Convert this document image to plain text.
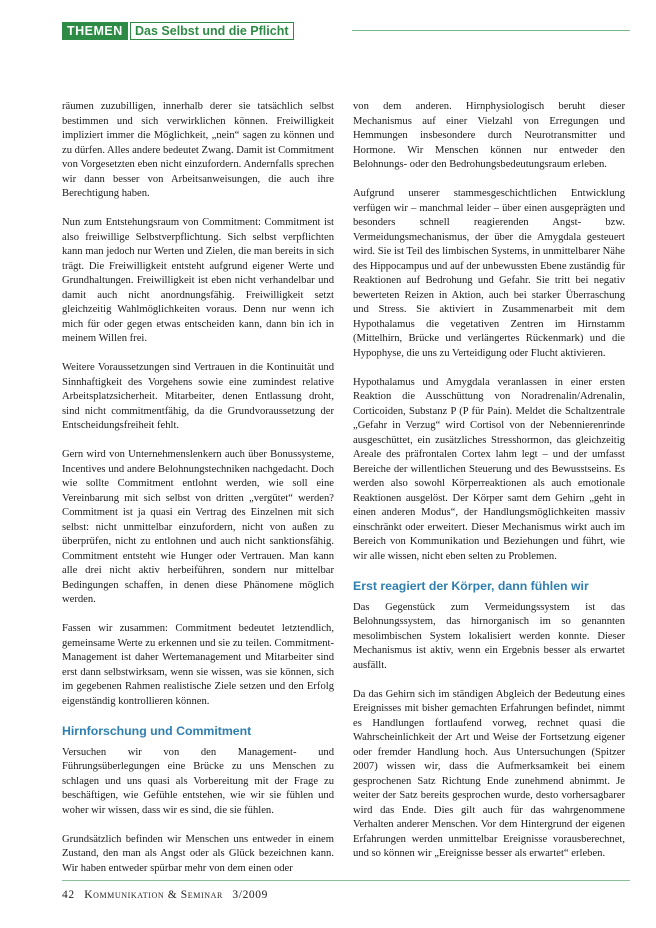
THEMEN Das Selbst und die Pflicht

räumen zuzubilligen, innerhalb derer sie tatsächlich selbst bestimmen und sich verwirklichen können. Freiwilligkeit impliziert immer die Möglichkeit, „nein“ sagen zu können und zu dürfen. Alles andere bedeutet Zwang. Damit ist Commitment von Vorgesetzten eben nicht einzufordern. Andernfalls sprechen wir dann besser von Arbeitsanweisungen, die auch ihre Berechtigung haben.

Nun zum Entstehungsraum von Commitment: Commitment ist also freiwillige Selbstverpflichtung. Sich selbst verpflichten kann man jedoch nur Werten und Zielen, die man bereits in sich trägt. Die Freiwilligkeit entsteht aufgrund eigener Werte und Grundhaltungen. Freiwilligkeit ist eben nicht verhandelbar und damit auch nicht anordnungsfähig. Freiwilligkeit setzt gleichzeitig Wahlmöglichkeiten voraus. Denn nur wenn ich mich für oder gegen etwas entscheiden kann, dann bin ich in meinem Willen frei.

Weitere Voraussetzungen sind Vertrauen in die Kontinuität und Sinnhaftigkeit des Vorgehens sowie eine zumindest relative Arbeitsplatzsicherheit. Mitarbeiter, denen Entlassung droht, sind nicht commitmentfähig, da die Grundvoraussetzung der Entscheidungsfreiheit fehlt.

Gern wird von Unternehmenslenkern auch über Bonussysteme, Incentives und andere Belohnungstechniken nachgedacht. Doch wie sollte Commitment entlohnt werden, wie soll eine Vereinbarung mit sich selbst von dritten „vergütet“ werden? Commitment ist ja quasi ein Vertrag des Einzelnen mit sich selbst: nicht unmittelbar einzufordern, nicht von außen zu überprüfen, nicht zu entlohnen und auch nicht sanktionsfähig. Commitment entsteht wie Hunger oder Vertrauen. Man kann alle drei nicht aktiv herbeiführen, sondern nur mittelbar Bedingungen schaffen, in denen diese Phänomene möglich werden.

Fassen wir zusammen: Commitment bedeutet letztendlich, gemeinsame Werte zu erkennen und sie zu teilen. Commitment-Management ist daher Wertemanagement und Mitarbeiter sind erst dann selbstwirksam, wenn sie wissen, was sie können, sich im gegebenen Rahmen realistische Ziele setzen und den Erfolg eigenständig kontrollieren können.

Hirnforschung und Commitment

Versuchen wir von den Management- und Führungsüberlegungen eine Brücke zu uns Menschen zu schlagen und uns quasi als Vorbereitung mit der Frage zu beschäftigen, wie Gefühle entstehen, wie wir sie fühlen und woher wir wissen, dass wir es sind, die sie fühlen.

Grundsätzlich befinden wir Menschen uns entweder in einem Zustand, den man als Angst oder als Glück bezeichnen kann. Wir haben entweder spürbar mehr von dem einen oder

von dem anderen. Hirnphysiologisch beruht dieser Mechanismus auf einer Vielzahl von Erregungen und Hemmungen insbesondere durch Neurotransmitter und Hormone. Wir Menschen können nur entweder den Belohnungs- oder den Bedrohungsbedeutungsraum erleben.

Aufgrund unserer stammesgeschichtlichen Entwicklung verfügen wir – manchmal leider – über einen ausgeprägten und besonders schnell reagierenden Angst- bzw. Vermeidungsmechanismus, der über die Amygdala gesteuert wird. Sie ist Teil des limbischen Systems, in unmittelbarer Nähe des Hippocampus und auf der unbewussten Ebene zuständig für Reaktionen auf Bedrohung und Gefahr. Sie tritt bei negativ bewerteten Reizen in Aktion, auch bei starker Überraschung und Stress. Sie aktiviert in Zusammenarbeit mit dem Hypothalamus die vegetativen Zentren im Hirnstamm (Mittelhirn, Brücke und verlängertes Rückenmark) und die Hypophyse, die uns zu Verteidigung oder Flucht aktivieren.

Hypothalamus und Amygdala veranlassen in einer ersten Reaktion die Ausschüttung von Noradrenalin/Adrenalin, Corticoiden, Substanz P (P für Pain). Meldet die Schaltzentrale „Gefahr in Verzug“ wird Cortisol von der Nebennierenrinde ausgeschüttet, ein zusätzliches Stresshormon, das gleichzeitig Areale des präfrontalen Cortex lahm legt – und der umfasst Bereiche der willentlichen Steuerung und des Bewusstseins. Es werden also sowohl Körperreaktionen als auch emotionale Reaktionen ausgelöst. Der Körper samt dem Gehirn „geht in einen anderen Modus“, der Handlungsmöglichkeiten massiv einschränkt oder erweitert. Dieser Mechanismus wirkt auch im Bereich von Kommunikation und Beziehungen und führt, wie wir alle wissen, nicht eben selten zu Problemen.

Erst reagiert der Körper, dann fühlen wir

Das Gegenstück zum Vermeidungssystem ist das Belohnungssystem, das hirnorganisch im so genannten mesolimbischen System lokalisiert werden konnte. Dieser Mechanismus ist aktiv, wenn ein Ergebnis besser als erwartet ausfällt.

Da das Gehirn sich im ständigen Abgleich der Bedeutung eines Ereignisses mit bisher gemachten Erfahrungen befindet, nimmt es Handlungen fortlaufend vorweg, rechnet quasi die Wahrscheinlichkeit der Art und Weise der Fortsetzung eigener oder fremder Handlung hoch. Aus Untersuchungen (Spitzer 2007) wissen wir, dass die Aufmerksamkeit bei einem gesprochenen Satz Richtung Ende zunehmend abnimmt. Je weiter der Satz bereits gesprochen wurde, desto vorhersagbarer wird das Ende. Dies gilt auch für das wahrgenommene Verhalten anderer Menschen. Vor dem Hintergrund der eigenen Erfahrungen werden unmittelbar Ereignisse vorausberechnet, und so können wir „Ereignisse besser als erwartet“ erleben.

42 Kommunikation & Seminar 3/2009
